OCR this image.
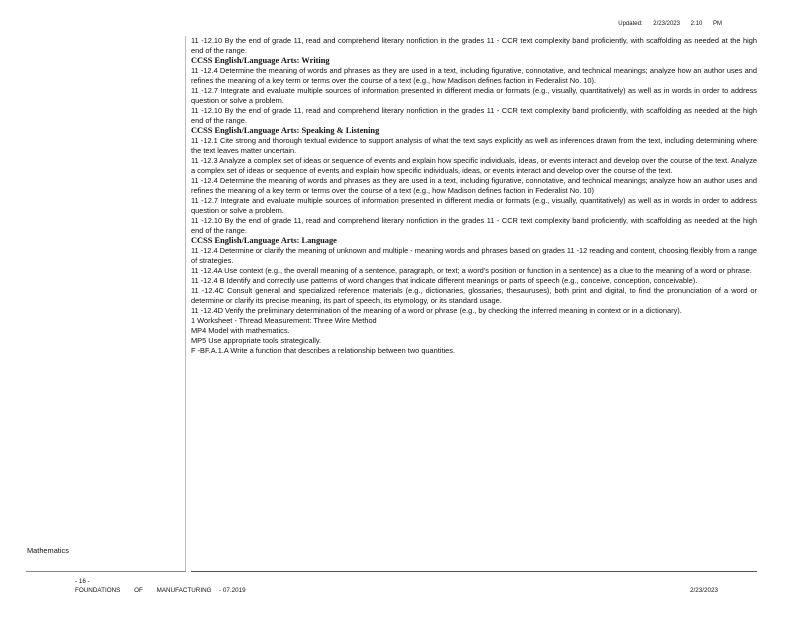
Updated: 2/23/2023 2:10 PM

11 -12.10 By the end of grade 11, read and comprehend literary nonfiction in the grades 11 - CCR text complexity band proficiently, with scaffolding as needed at the high end of the range.

CCSS English/Language Arts: Writing

11 -12.4 Determine the meaning of words and phrases as they are used in a text, including figurative, connotative, and technical meanings; analyze how an author uses and refines the meaning of a key term or terms over the course of a text (e.g., how Madison defines faction in Federalist No. 10).

11 -12.7 Integrate and evaluate multiple sources of information presented in different media or formats (e.g., visually, quantitatively) as well as in words in order to address question or solve a problem.

11 -12.10 By the end of grade 11, read and comprehend literary nonfiction in the grades 11 - CCR text complexity band proficiently, with scaffolding as needed at the high end of the range.

CCSS English/Language Arts: Speaking & Listening

11 -12.1 Cite strong and thorough textual evidence to support analysis of what the text says explicitly as well as inferences drawn from the text, including determining where the text leaves matter uncertain.

11 -12.3 Analyze a complex set of ideas or sequence of events and explain how specific individuals, ideas, or events interact and develop over the course of the text. Analyze a complex set of ideas or sequence of events and explain how specific individuals, ideas, or events interact and develop over the course of the text.

11 -12.4 Determine the meaning of words and phrases as they are used in a text, including figurative, connotative, and technical meanings; analyze how an author uses and refines the meaning of a key term or terms over the course of a text (e.g., how Madison defines faction in Federalist No. 10)

11 -12.7 Integrate and evaluate multiple sources of information presented in different media or formats (e.g., visually, quantitatively) as well as in words in order to address question or solve a problem.

11 -12.10 By the end of grade 11, read and comprehend literary nonfiction in the grades 11 - CCR text complexity band proficiently, with scaffolding as needed at the high end of the range.

CCSS English/Language Arts: Language

11 -12.4 Determine or clarify the meaning of unknown and multiple - meaning words and phrases based on grades 11 -12 reading and content, choosing flexibly from a range of strategies.

11 -12.4A Use context (e.g., the overall meaning of a sentence, paragraph, or text; a word's position or function in a sentence) as a clue to the meaning of a word or phrase.

11 -12.4 B Identify and correctly use patterns of word changes that indicate different meanings or parts of speech (e.g., conceive, conception, conceivable).

11 -12.4C Consult general and specialized reference materials (e.g., dictionaries, glossaries, thesauruses), both print and digital, to find the pronunciation of a word or determine or clarify its precise meaning, its part of speech, its etymology, or its standard usage.

11 -12.4D Verify the preliminary determination of the meaning of a word or phrase (e.g., by checking the inferred meaning in context or in a dictionary).

1 Worksheet - Thread Measurement: Three Wire Method

MP4 Model with mathematics.

MP5 Use appropriate tools strategically.

F -BF.A.1.A Write a function that describes a relationship between two quantities.

Mathematics
- 16 -
FOUNDATIONS OF MANUFACTURING - 07.2019	2/23/2023
